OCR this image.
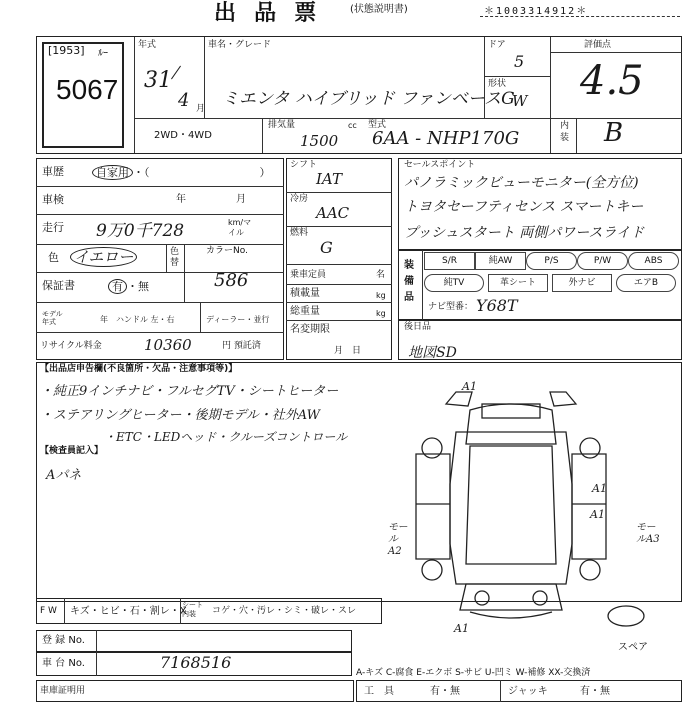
出 品 票	(状態説明書)	＊1003314912＊
[1953] ﾙｰ
5067
年式
31
4 月
車名・グレード
ミエンタ ハイブリッド ファンベースG
ドア
5
形状
W
評価点
4.5
内装 B
2WD・4WD
排気量	cc
1500
型式
6AA - NHP170G
車歴	自家用 ・（　　　　　　　　　　）
車検	年　　　　　月
走行 9万0千728	km/マイル
色 イエロー	色替
カラーNo.
586
保証書	有 ・無
モデル年式	年 ハンドル 左・右	ディーラー・並行
リサイクル料金	10360	円 預託済
シフト
IAT
冷房
AAC
燃料
G
乗車定員	名
積載量	kg
総重量	kg
名変期限
月　日
セールスポイント
パノラミックビューモニター(全方位)
トヨタセーフティセンス スマートキー
プッシュスタート 両側パワースライド
装備品
ナビ型番： Y68T
後日品
地図SD
【出品店申告欄(不良箇所・欠品・注意事項等)】
・純正9インチナビ・フルセグTV・シートヒーター
・ステアリングヒーター・後期モデル・社外AW
・ETC・LEDヘッド・クルーズコントロール
【検査員記入】
Aパネ
A1
A1
A1
モールA2
モールA3
A1
スペア
F W キズ・ヒビ・石・割レ・X
シート内装	コゲ・穴・汚レ・シミ・破レ・スレ
登 録 No.
車 台 No.	7168516
A-キズ C-腐食 E-エクボ S-サビ U-凹ミ W-補修 XX-交換済
車庫証明用	工　具	有・無	ジャッキ	有・無
S/R	純AW	P/S	P/W	ABS
純TV	革シート	外ナビ	エアB
